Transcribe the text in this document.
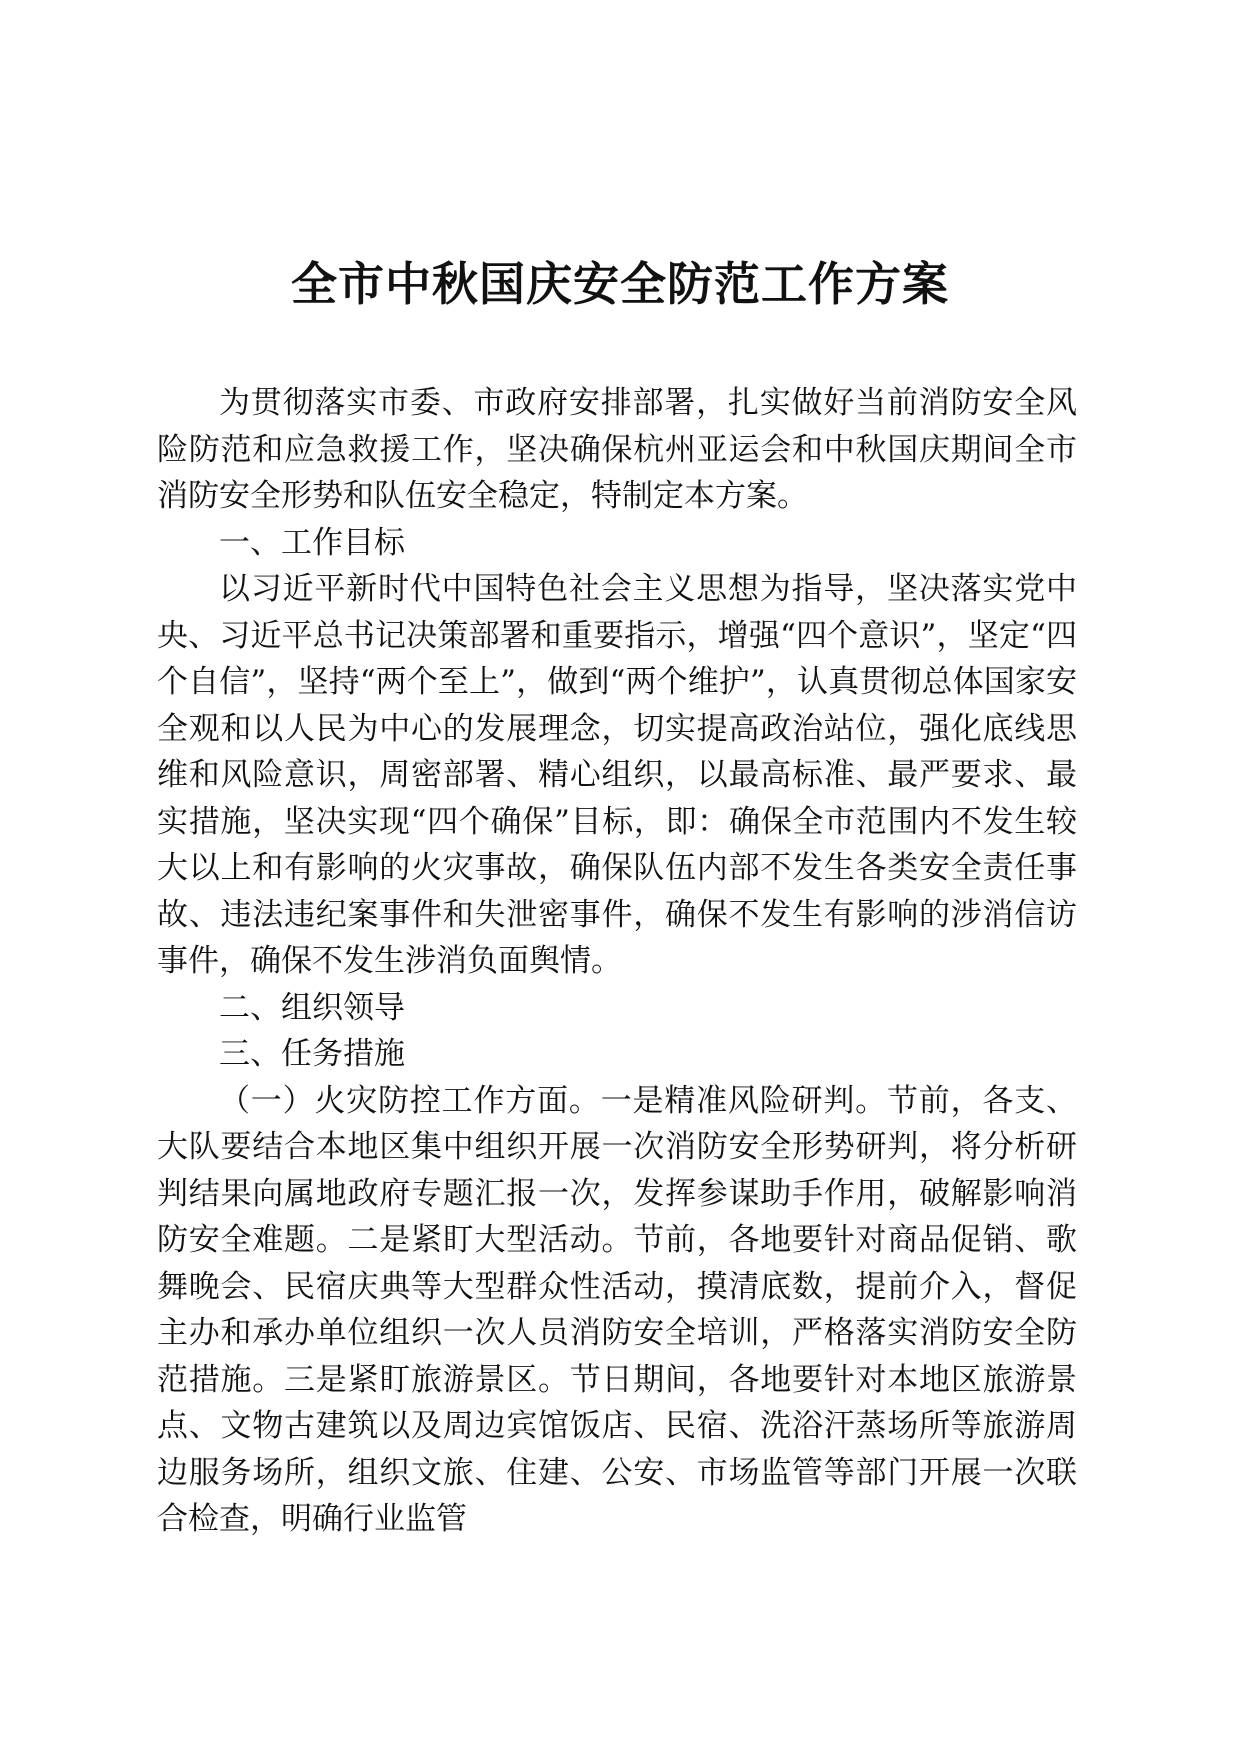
全市中秋国庆安全防范工作方案

为贯彻落实市委、市政府安排部署，扎实做好当前消防安全风险防范和应急救援工作，坚决确保杭州亚运会和中秋国庆期间全市消防安全形势和队伍安全稳定，特制定本方案。

一、工作目标

以习近平新时代中国特色社会主义思想为指导，坚决落实党中央、习近平总书记决策部署和重要指示，增强“四个意识”，坚定“四个自信”，坚持“两个至上”，做到“两个维护”，认真贯彻总体国家安全观和以人民为中心的发展理念，切实提高政治站位，强化底线思维和风险意识，周密部署、精心组织，以最高标准、最严要求、最实措施，坚决实现“四个确保”目标，即：确保全市范围内不发生较大以上和有影响的火灾事故，确保队伍内部不发生各类安全责任事故、违法违纪案事件和失泄密事件，确保不发生有影响的涉消信访事件，确保不发生涉消负面舆情。

二、组织领导
三、任务措施

（一）火灾防控工作方面。一是精准风险研判。节前，各支、大队要结合本地区集中组织开展一次消防安全形势研判，将分析研判结果向属地政府专题汇报一次，发挥参谋助手作用，破解影响消防安全难题。二是紧盯大型活动。节前，各地要针对商品促销、歌舞晚会、民宿庆典等大型群众性活动，摸清底数，提前介入，督促主办和承办单位组织一次人员消防安全培训，严格落实消防安全防范措施。三是紧盯旅游景区。节日期间，各地要针对本地区旅游景点、文物古建筑以及周边宾馆饭店、民宿、洗浴汗蒸场所等旅游周边服务场所，组织文旅、住建、公安、市场监管等部门开展一次联合检查，明确行业监管
